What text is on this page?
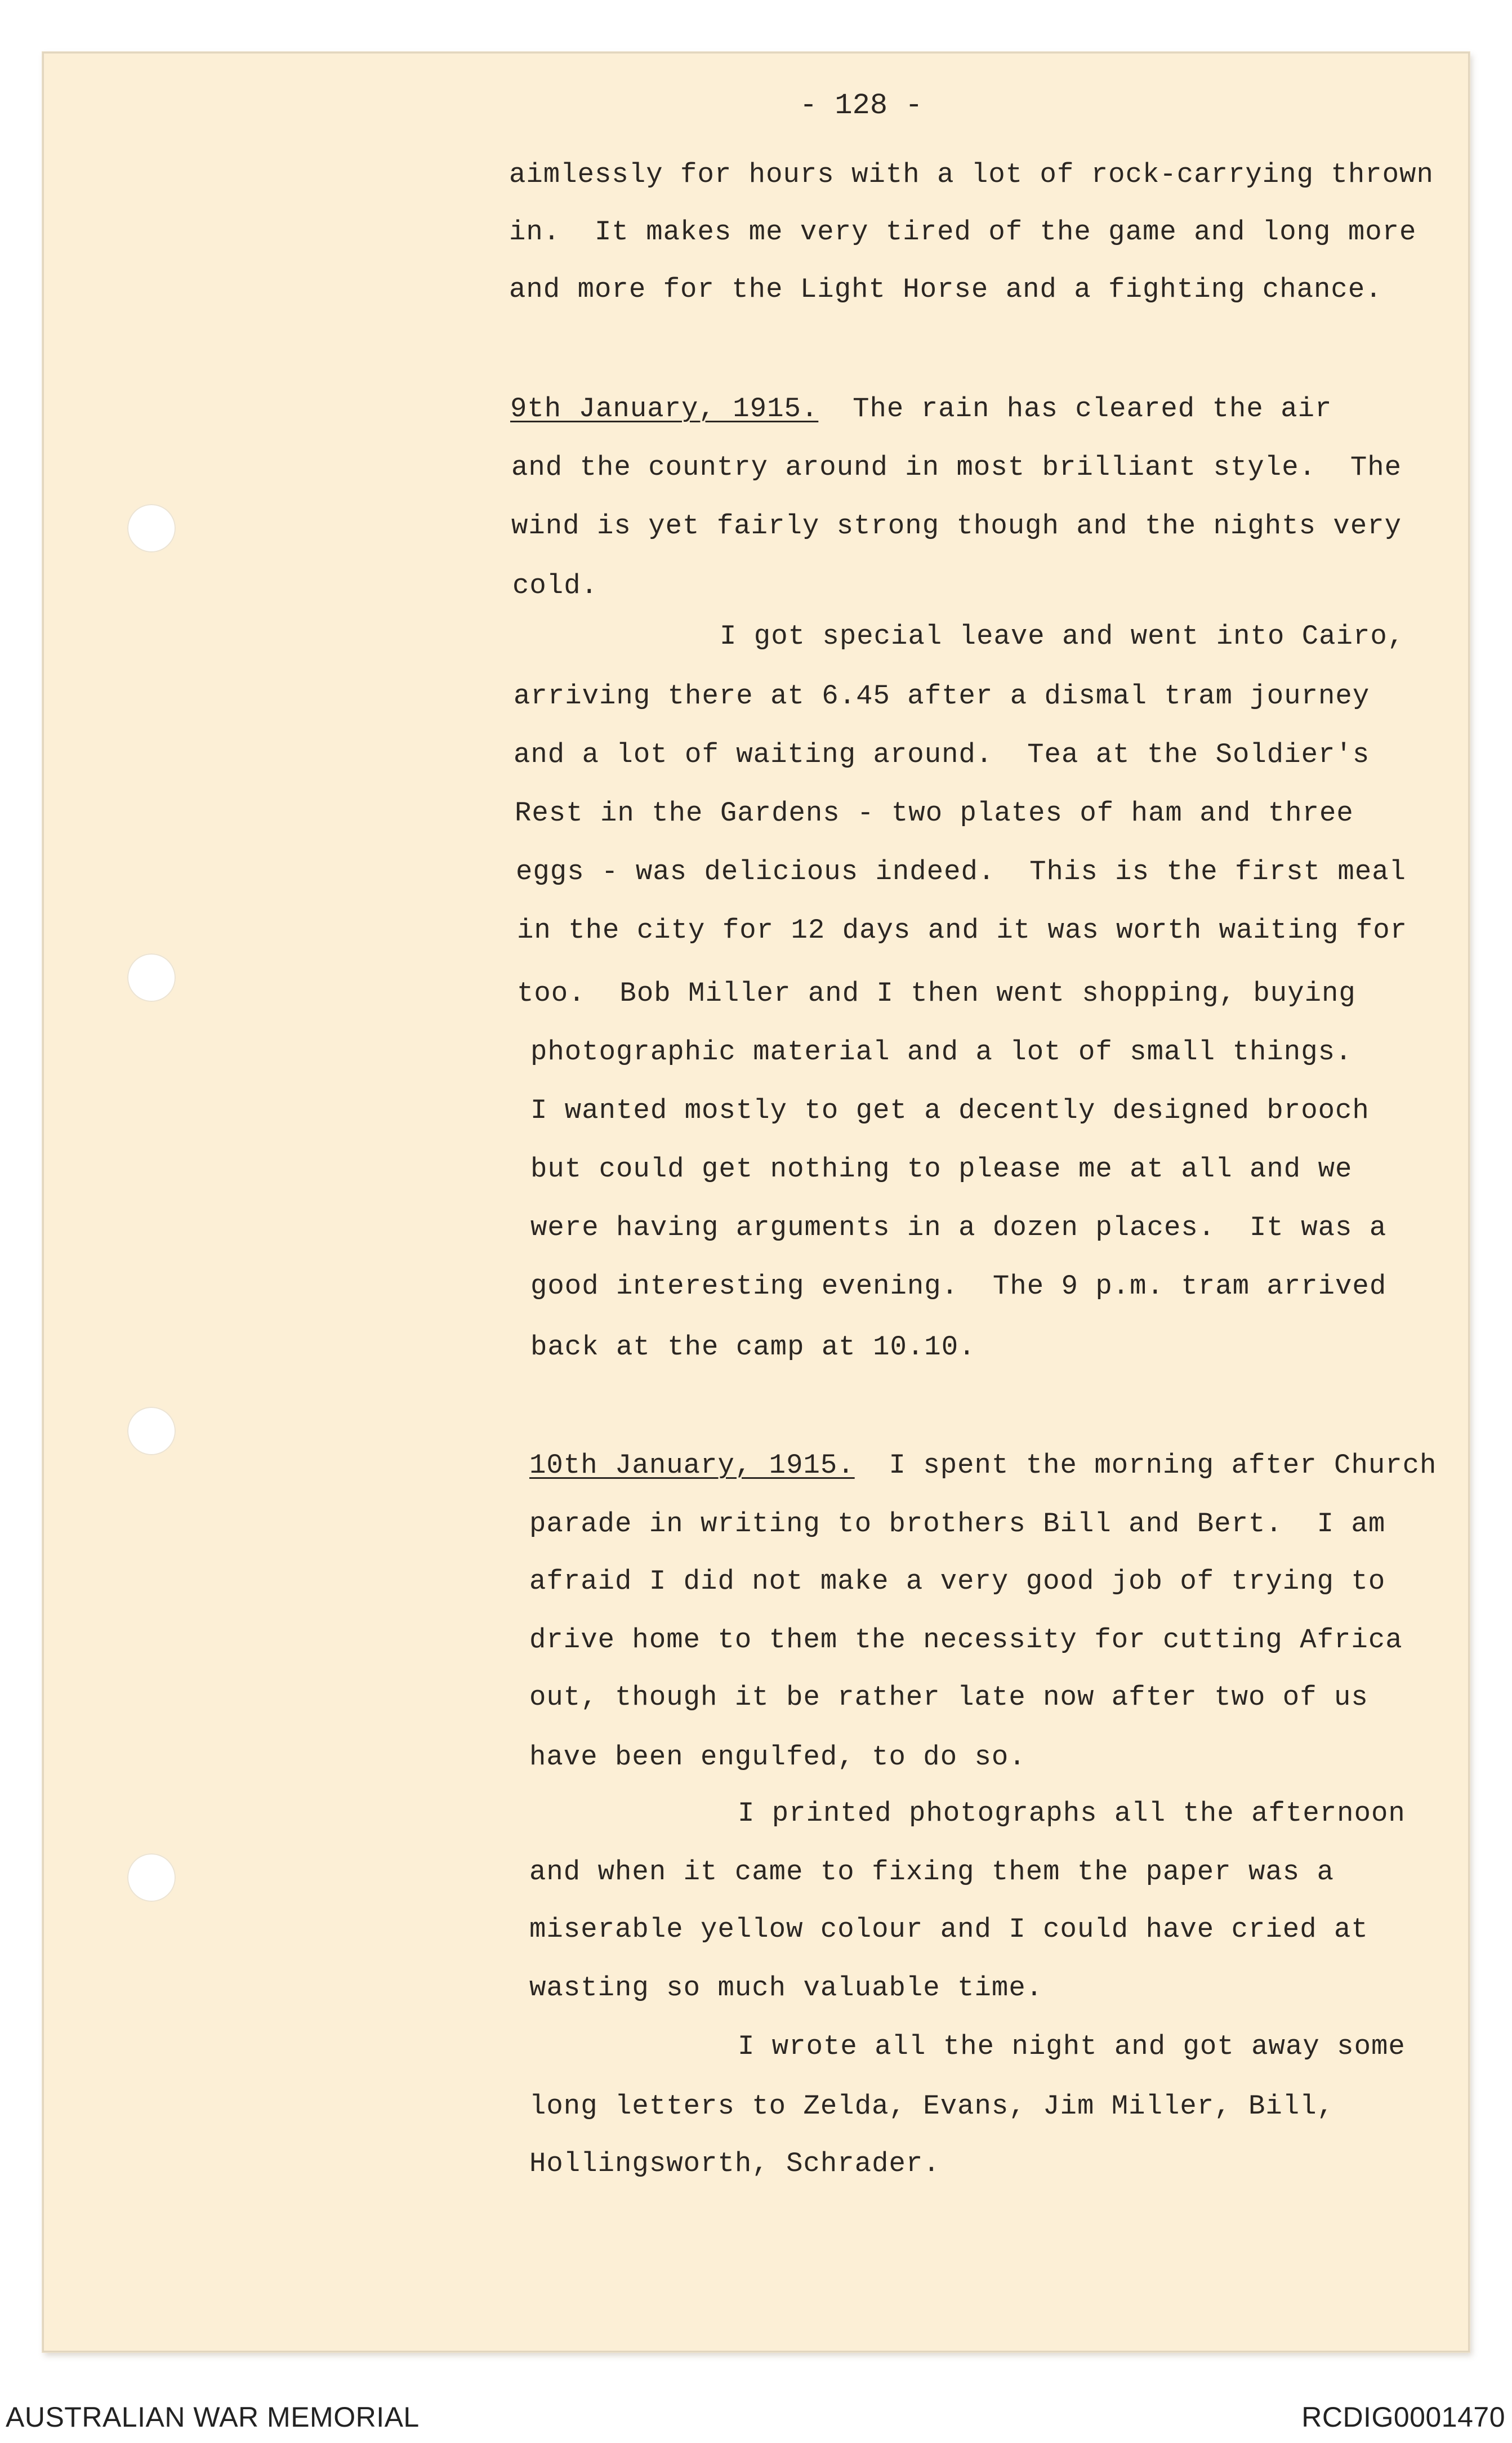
- 128 -
aimlessly for hours with a lot of rock-carrying thrown
in.  It makes me very tired of the game and long more
and more for the Light Horse and a fighting chance.
9th January, 1915.  The rain has cleared the air
and the country around in most brilliant style.  The
wind is yet fairly strong though and the nights very
cold.
I got special leave and went into Cairo,
arriving there at 6.45 after a dismal tram journey
and a lot of waiting around.  Tea at the Soldier's
Rest in the Gardens - two plates of ham and three
eggs - was delicious indeed.  This is the first meal
in the city for 12 days and it was worth waiting for
too.  Bob Miller and I then went shopping, buying
photographic material and a lot of small things.
I wanted mostly to get a decently designed brooch
but could get nothing to please me at all and we
were having arguments in a dozen places.  It was a
good interesting evening.  The 9 p.m. tram arrived
back at the camp at 10.10.
10th January, 1915.  I spent the morning after Church
parade in writing to brothers Bill and Bert.  I am
afraid I did not make a very good job of trying to
drive home to them the necessity for cutting Africa
out, though it be rather late now after two of us
have been engulfed, to do so.
I printed photographs all the afternoon
and when it came to fixing them the paper was a
miserable yellow colour and I could have cried at
wasting so much valuable time.
I wrote all the night and got away some
long letters to Zelda, Evans, Jim Miller, Bill,
Hollingsworth, Schrader.
AUSTRALIAN WAR MEMORIAL	RCDIG0001470
